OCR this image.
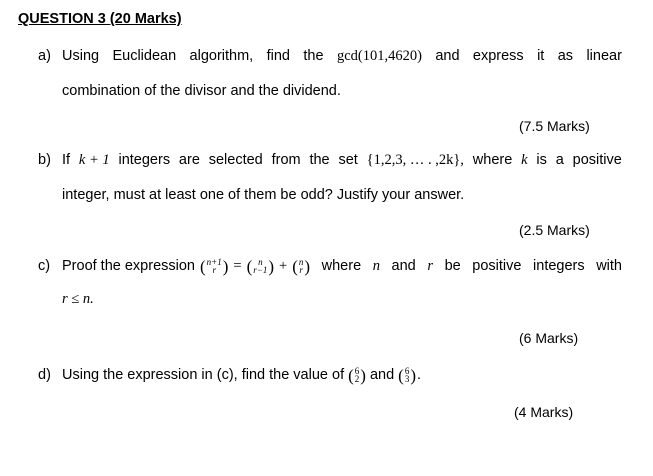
QUESTION 3 (20 Marks)
a) Using Euclidean algorithm, find the gcd(101,4620) and express it as linear
combination of the divisor and the dividend.
(7.5 Marks)
b) If k + 1 integers are selected from the set {1,2,3, … . ,2k}, where k is a positive
integer, must at least one of them be odd? Justify your answer.
(2.5 Marks)
c) Proof the expression ( n+1
r ) = ( n
r−1 ) + ( n
r ) where n and r be positive integers with
r ≤ n.
(6 Marks)
d) Using the expression in (c), find the value of ( 6
2 ) and ( 6
3 ) .
(4 Marks)
